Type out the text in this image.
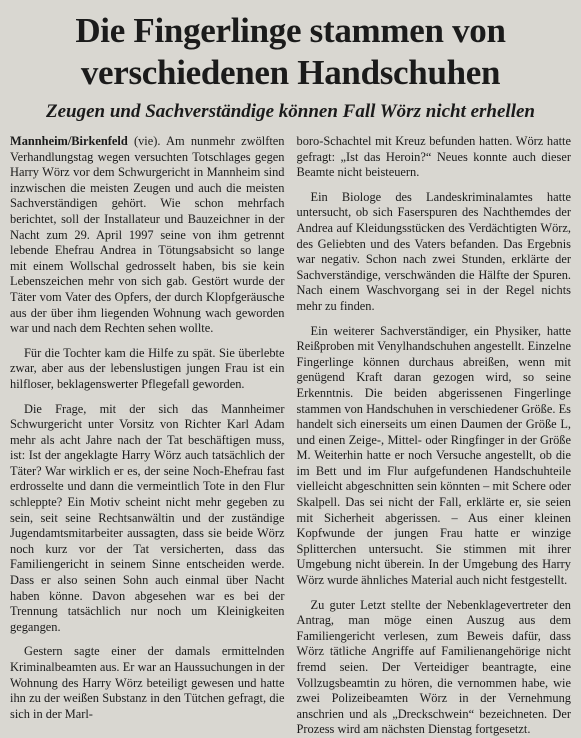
Die Fingerlinge stammen von verschiedenen Handschuhen
Zeugen und Sachverständige können Fall Wörz nicht erhellen

Mannheim/Birkenfeld (vie). Am nunmehr zwölften Verhandlungstag wegen versuchten Totschlages gegen Harry Wörz vor dem Schwurgericht in Mannheim sind inzwischen die meisten Zeugen und auch die meisten Sachverständigen gehört. Wie schon mehrfach berichtet, soll der Installateur und Bauzeichner in der Nacht zum 29. April 1997 seine von ihm getrennt lebende Ehefrau Andrea in Tötungsabsicht so lange mit einem Wollschal gedrosselt haben, bis sie kein Lebenszeichen mehr von sich gab. Gestört wurde der Täter vom Vater des Opfers, der durch Klopfgeräusche aus der über ihm liegenden Wohnung wach geworden war und nach dem Rechten sehen wollte.

Für die Tochter kam die Hilfe zu spät. Sie überlebte zwar, aber aus der lebenslustigen jungen Frau ist ein hilfloser, beklagenswerter Pflegefall geworden.

Die Frage, mit der sich das Mannheimer Schwurgericht unter Vorsitz von Richter Karl Adam mehr als acht Jahre nach der Tat beschäftigen muss, ist: Ist der angeklagte Harry Wörz auch tatsächlich der Täter? War wirklich er es, der seine Noch-Ehefrau fast erdrosselte und dann die vermeintlich Tote in den Flur schleppte? Ein Motiv scheint nicht mehr gegeben zu sein, seit seine Rechtsanwältin und der zuständige Jugendamtsmitarbeiter aussagten, dass sie beide Wörz noch kurz vor der Tat versicherten, dass das Familiengericht in seinem Sinne entscheiden werde. Dass er also seinen Sohn auch einmal über Nacht haben könne. Davon abgesehen war es bei der Trennung tatsächlich nur noch um Kleinigkeiten gegangen.

Gestern sagte einer der damals ermittelnden Kriminalbeamten aus. Er war an Haussuchungen in der Wohnung des Harry Wörz beteiligt gewesen und hatte ihn zu der weißen Substanz in den Tütchen gefragt, die sich in der Marl-

boro-Schachtel mit Kreuz befunden hatten. Wörz hatte gefragt: „Ist das Heroin?“ Neues konnte auch dieser Beamte nicht beisteuern.

Ein Biologe des Landeskriminalamtes hatte untersucht, ob sich Faserspuren des Nachthemdes der Andrea auf Kleidungsstücken des Verdächtigten Wörz, des Geliebten und des Vaters befanden. Das Ergebnis war negativ. Schon nach zwei Stunden, erklärte der Sachverständige, verschwänden die Hälfte der Spuren. Nach einem Waschvorgang sei in der Regel nichts mehr zu finden.

Ein weiterer Sachverständiger, ein Physiker, hatte Reißproben mit Venylhandschuhen angestellt. Einzelne Fingerlinge können durchaus abreißen, wenn mit genügend Kraft daran gezogen wird, so seine Erkenntnis. Die beiden abgerissenen Fingerlinge stammen von Handschuhen in verschiedener Größe. Es handelt sich einerseits um einen Daumen der Größe L, und einen Zeige-, Mittel- oder Ringfinger in der Größe M. Weiterhin hatte er noch Versuche angestellt, ob die im Bett und im Flur aufgefundenen Handschuhteile vielleicht abgeschnitten sein könnten – mit Schere oder Skalpell. Das sei nicht der Fall, erklärte er, sie seien mit Sicherheit abgerissen. – Aus einer kleinen Kopfwunde der jungen Frau hatte er winzige Splitterchen untersucht. Sie stimmen mit ihrer Umgebung nicht überein. In der Umgebung des Harry Wörz wurde ähnliches Material auch nicht festgestellt.

Zu guter Letzt stellte der Nebenklagevertreter den Antrag, man möge einen Auszug aus dem Familiengericht verlesen, zum Beweis dafür, dass Wörz tätliche Angriffe auf Familienangehörige nicht fremd seien. Der Verteidiger beantragte, eine Vollzugsbeamtin zu hören, die vernommen habe, wie zwei Polizeibeamten Wörz in der Vernehmung anschrien und als „Dreckschwein“ bezeichneten. Der Prozess wird am nächsten Dienstag fortgesetzt.
